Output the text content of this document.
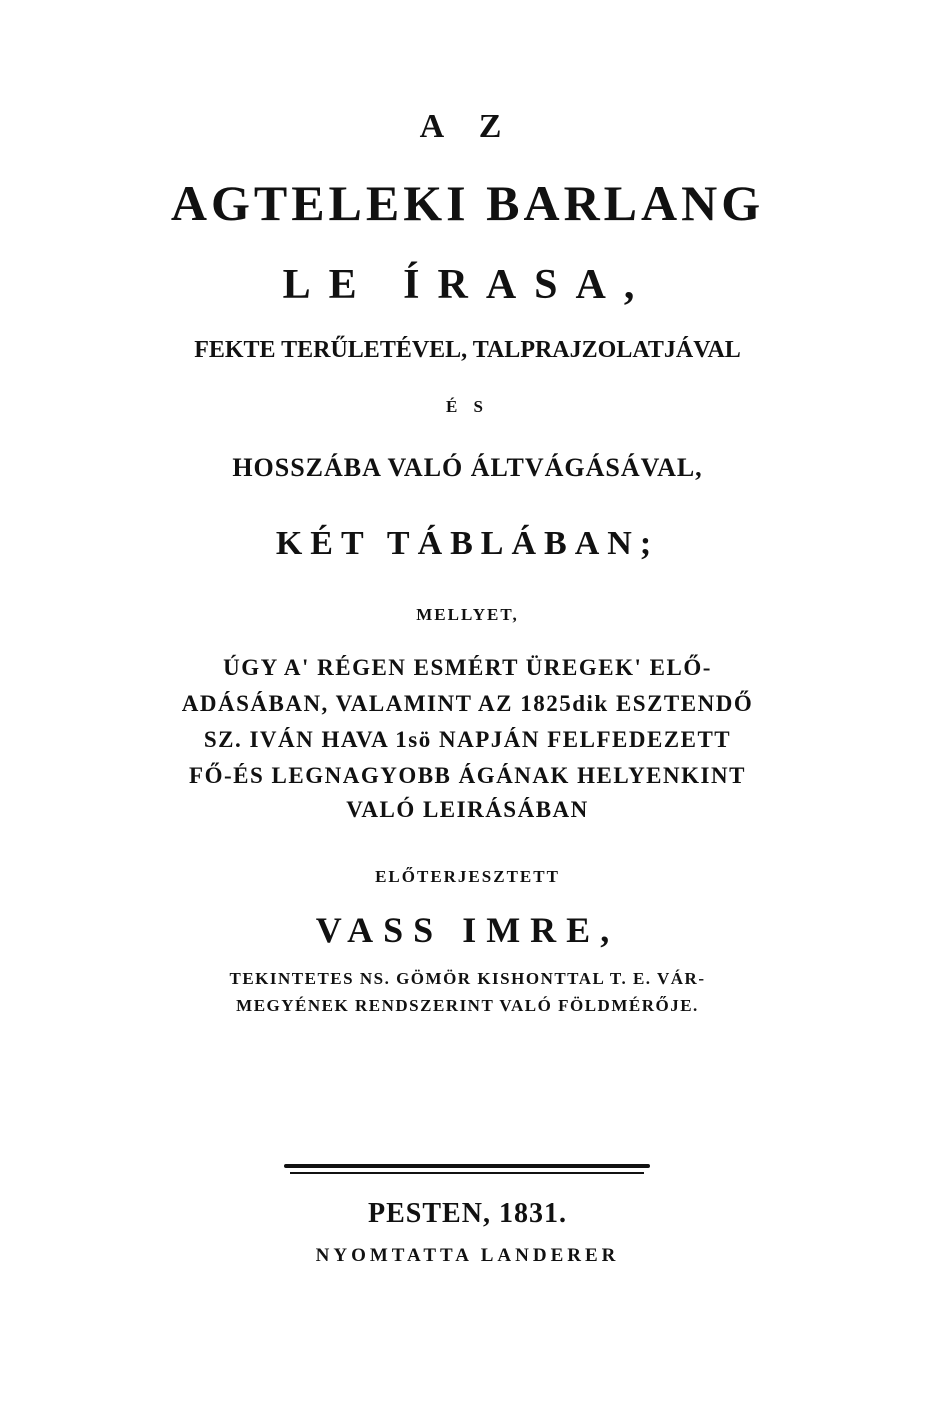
A Z
AGTELEKI BARLANG
LE ÍRASA,
FEKTE TERŰLETÉVEL, TALPRAJZOLATJÁVAL
É S
HOSSZÁBA VALÓ ÁLTVÁGÁSÁVAL,
KÉT TÁBLÁBAN;
MELLYET,
ÚGY A' RÉGEN ESMÉRT ÜREGEK' ELŐ-
ADÁSÁBAN, VALAMINT AZ 1825dik ESZTENDŐ
SZ. IVÁN HAVA 1sö NAPJÁN FELFEDEZETT
FŐ-ÉS LEGNAGYOBB ÁGÁNAK HELYENKINT
VALÓ LEIRÁSÁBAN
ELŐTERJESZTETT
VASS IMRE,
TEKINTETES NS. GÖMÖR KISHONTTAL T. E. VÁR-
MEGYÉNEK RENDSZERINT VALÓ FÖLDMÉRŐJE.
PESTEN, 1831.
NYOMTATTA LANDERER
